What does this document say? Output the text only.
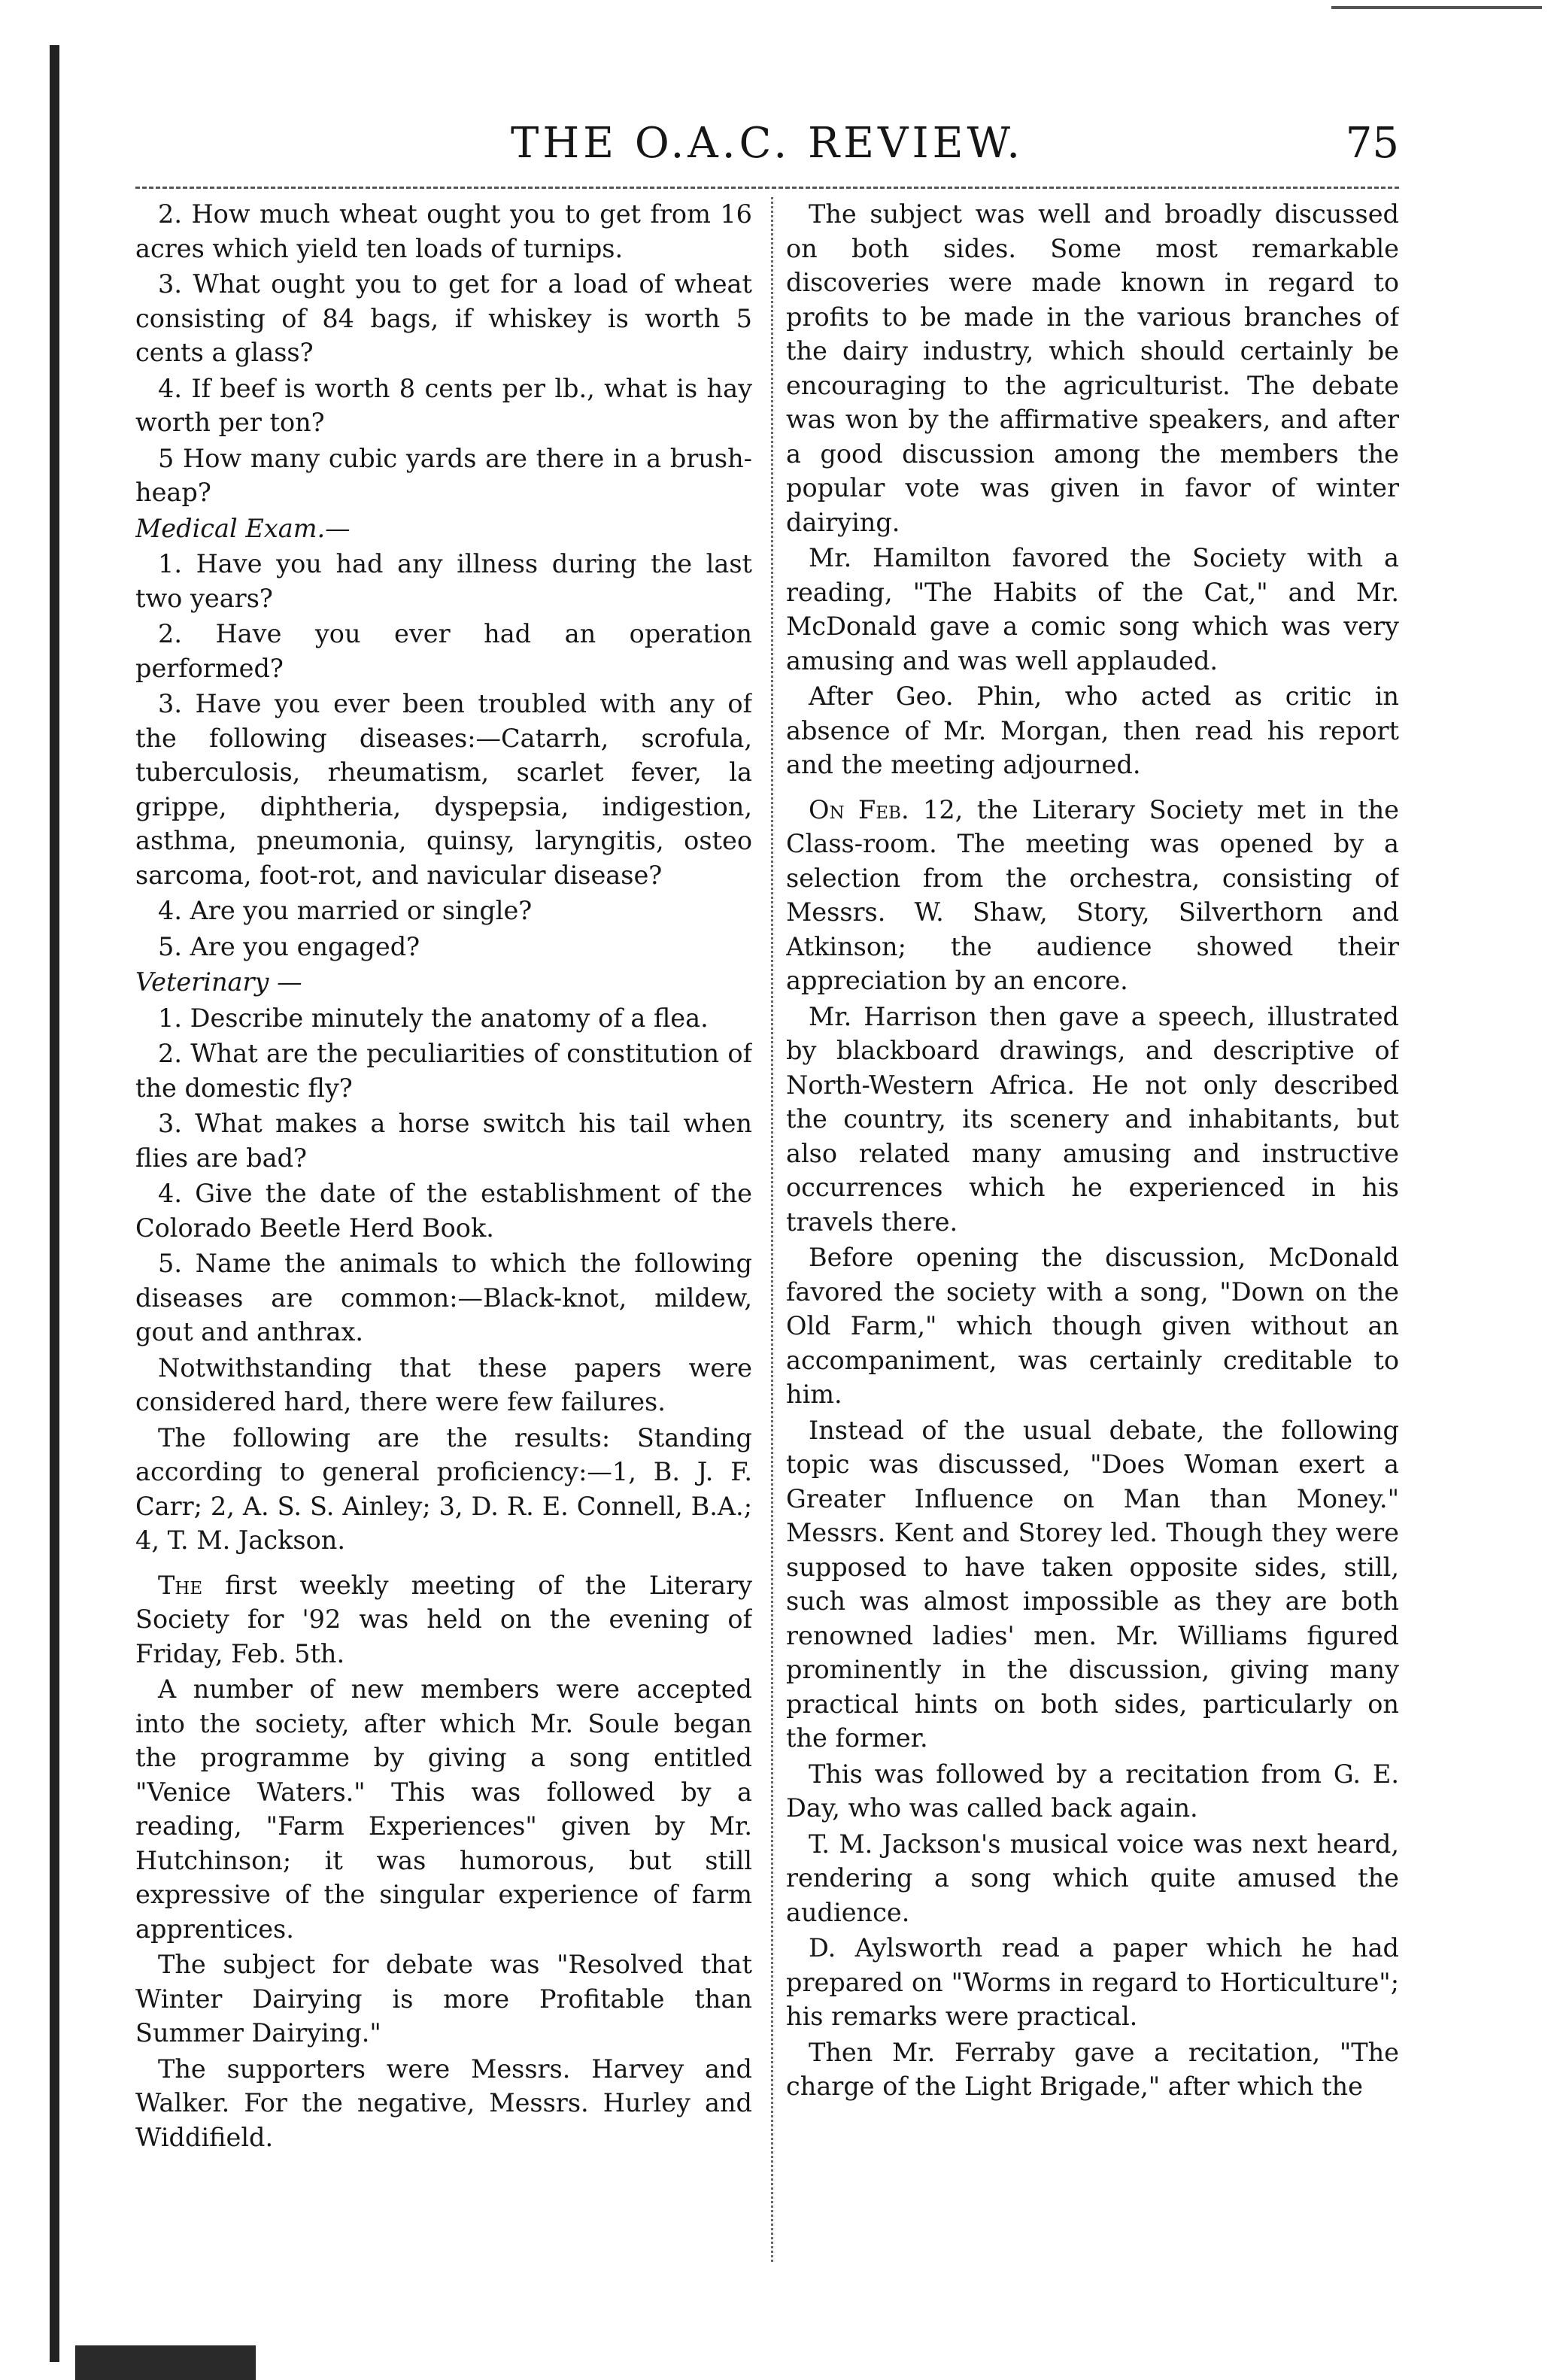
THE O.A.C. REVIEW.	75

2. How much wheat ought you to get from 16 acres which yield ten loads of turnips.

3. What ought you to get for a load of wheat consisting of 84 bags, if whiskey is worth 5 cents a glass?

4. If beef is worth 8 cents per lb., what is hay worth per ton?

5 How many cubic yards are there in a brush-heap?

Medical Exam.—

1. Have you had any illness during the last two years?

2. Have you ever had an operation performed?

3. Have you ever been troubled with any of the following diseases:—Catarrh, scrofula, tuberculosis, rheumatism, scarlet fever, la grippe, diphtheria, dyspepsia, indigestion, asthma, pneumonia, quinsy, laryngitis, osteo sarcoma, foot-rot, and navicular disease?

4. Are you married or single?

5. Are you engaged?

Veterinary —

1. Describe minutely the anatomy of a flea.

2. What are the peculiarities of constitution of the domestic fly?

3. What makes a horse switch his tail when flies are bad?

4. Give the date of the establishment of the Colorado Beetle Herd Book.

5. Name the animals to which the following diseases are common:—Black-knot, mildew, gout and anthrax.

Notwithstanding that these papers were considered hard, there were few failures.

The following are the results: Standing according to general proficiency:—1, B. J. F. Carr; 2, A. S. S. Ainley; 3, D. R. E. Connell, B.A.; 4, T. M. Jackson.

The first weekly meeting of the Literary Society for '92 was held on the evening of Friday, Feb. 5th.

A number of new members were accepted into the society, after which Mr. Soule began the programme by giving a song entitled "Venice Waters." This was followed by a reading, "Farm Experiences" given by Mr. Hutchinson; it was humorous, but still expressive of the singular experience of farm apprentices.

The subject for debate was "Resolved that Winter Dairying is more Profitable than Summer Dairying."

The supporters were Messrs. Harvey and Walker. For the negative, Messrs. Hurley and Widdifield.

The subject was well and broadly discussed on both sides. Some most remarkable discoveries were made known in regard to profits to be made in the various branches of the dairy industry, which should certainly be encouraging to the agriculturist. The debate was won by the affirmative speakers, and after a good discussion among the members the popular vote was given in favor of winter dairying.

Mr. Hamilton favored the Society with a reading, "The Habits of the Cat," and Mr. McDonald gave a comic song which was very amusing and was well applauded.

After Geo. Phin, who acted as critic in absence of Mr. Morgan, then read his report and the meeting adjourned.

On Feb. 12, the Literary Society met in the Class-room. The meeting was opened by a selection from the orchestra, consisting of Messrs. W. Shaw, Story, Silverthorn and Atkinson; the audience showed their appreciation by an encore.

Mr. Harrison then gave a speech, illustrated by blackboard drawings, and descriptive of North-Western Africa. He not only described the country, its scenery and inhabitants, but also related many amusing and instructive occurrences which he experienced in his travels there.

Before opening the discussion, McDonald favored the society with a song, "Down on the Old Farm," which though given without an accompaniment, was certainly creditable to him.

Instead of the usual debate, the following topic was discussed, "Does Woman exert a Greater Influence on Man than Money." Messrs. Kent and Storey led. Though they were supposed to have taken opposite sides, still, such was almost impossible as they are both renowned ladies' men. Mr. Williams figured prominently in the discussion, giving many practical hints on both sides, particularly on the former.

This was followed by a recitation from G. E. Day, who was called back again.

T. M. Jackson's musical voice was next heard, rendering a song which quite amused the audience.

D. Aylsworth read a paper which he had prepared on "Worms in regard to Horticulture"; his remarks were practical.

Then Mr. Ferraby gave a recitation, "The charge of the Light Brigade," after which the
